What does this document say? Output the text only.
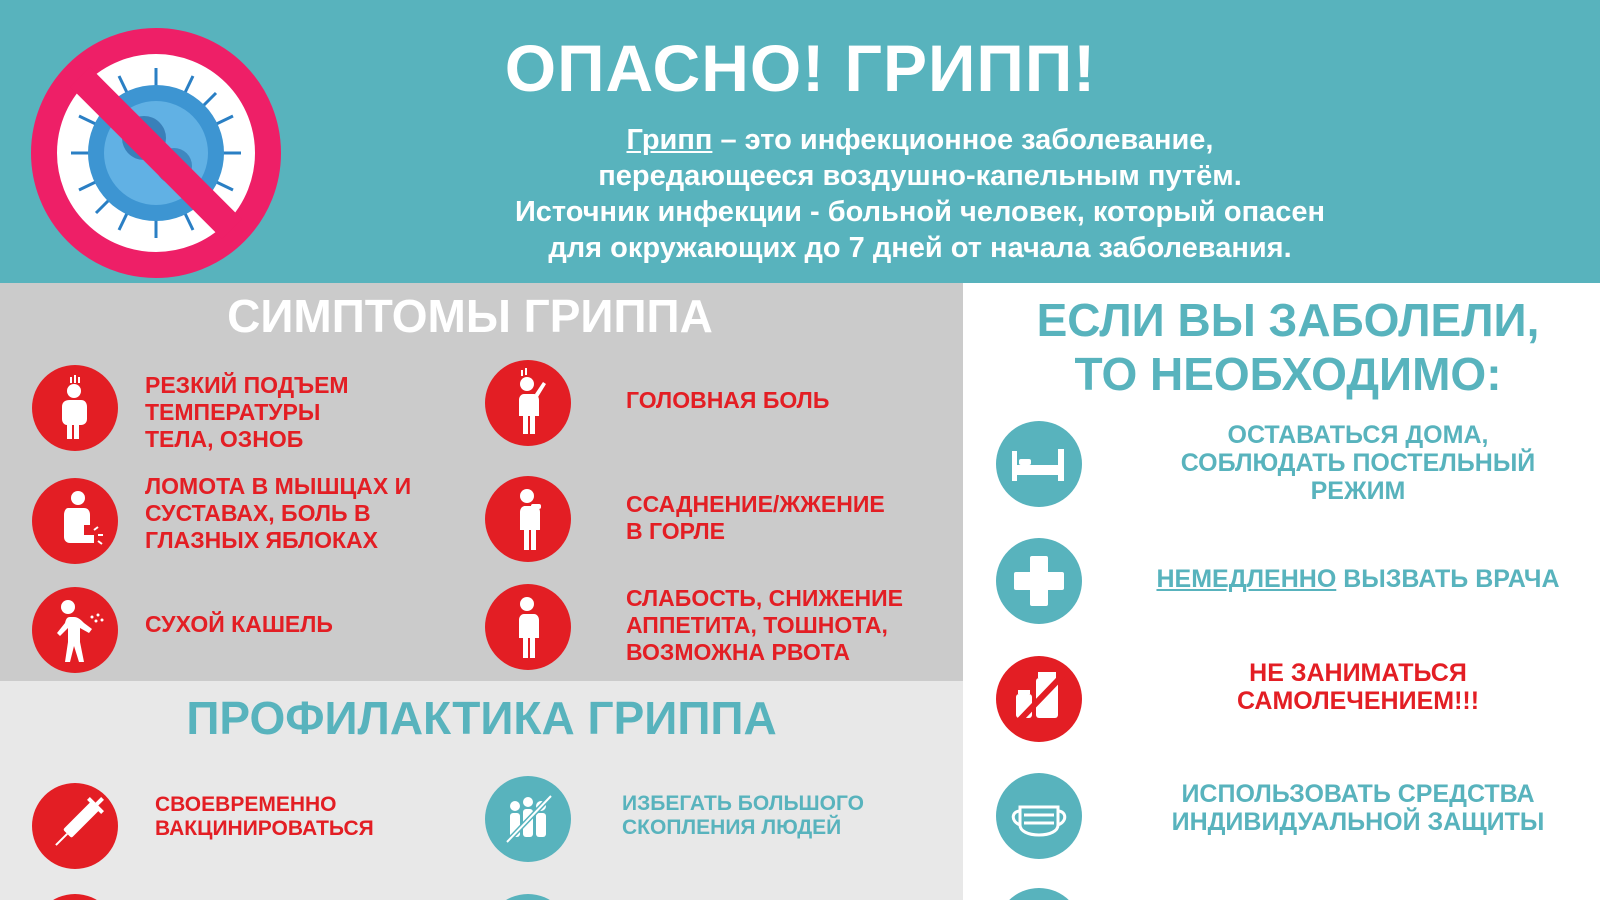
ОПАСНО! ГРИПП!
Грипп – это инфекционное заболевание,
передающееся воздушно-капельным путём.
Источник инфекции - больной человек, который опасен
для окружающих до 7 дней от начала заболевания.
СИМПТОМЫ ГРИППА
РЕЗКИЙ ПОДЪЕМ
ТЕМПЕРАТУРЫ
ТЕЛА, ОЗНОБ
ГОЛОВНАЯ БОЛЬ
ЛОМОТА В МЫШЦАХ И
СУСТАВАХ, БОЛЬ В
ГЛАЗНЫХ ЯБЛОКАХ
ССАДНЕНИЕ/ЖЖЕНИЕ
В ГОРЛЕ
СУХОЙ КАШЕЛЬ
СЛАБОСТЬ, СНИЖЕНИЕ
АППЕТИТА, ТОШНОТА,
ВОЗМОЖНА РВОТА
ПРОФИЛАКТИКА ГРИППА
СВОЕВРЕМЕННО
ВАКЦИНИРОВАТЬСЯ
ИЗБЕГАТЬ БОЛЬШОГО
СКОПЛЕНИЯ ЛЮДЕЙ
ЕСЛИ ВЫ ЗАБОЛЕЛИ,
ТО НЕОБХОДИМО:
ОСТАВАТЬСЯ ДОМА,
СОБЛЮДАТЬ ПОСТЕЛЬНЫЙ
РЕЖИМ
НЕМЕДЛЕННО ВЫЗВАТЬ ВРАЧА
НЕ ЗАНИМАТЬСЯ
САМОЛЕЧЕНИЕМ!!!
ИСПОЛЬЗОВАТЬ СРЕДСТВА
ИНДИВИДУАЛЬНОЙ ЗАЩИТЫ
